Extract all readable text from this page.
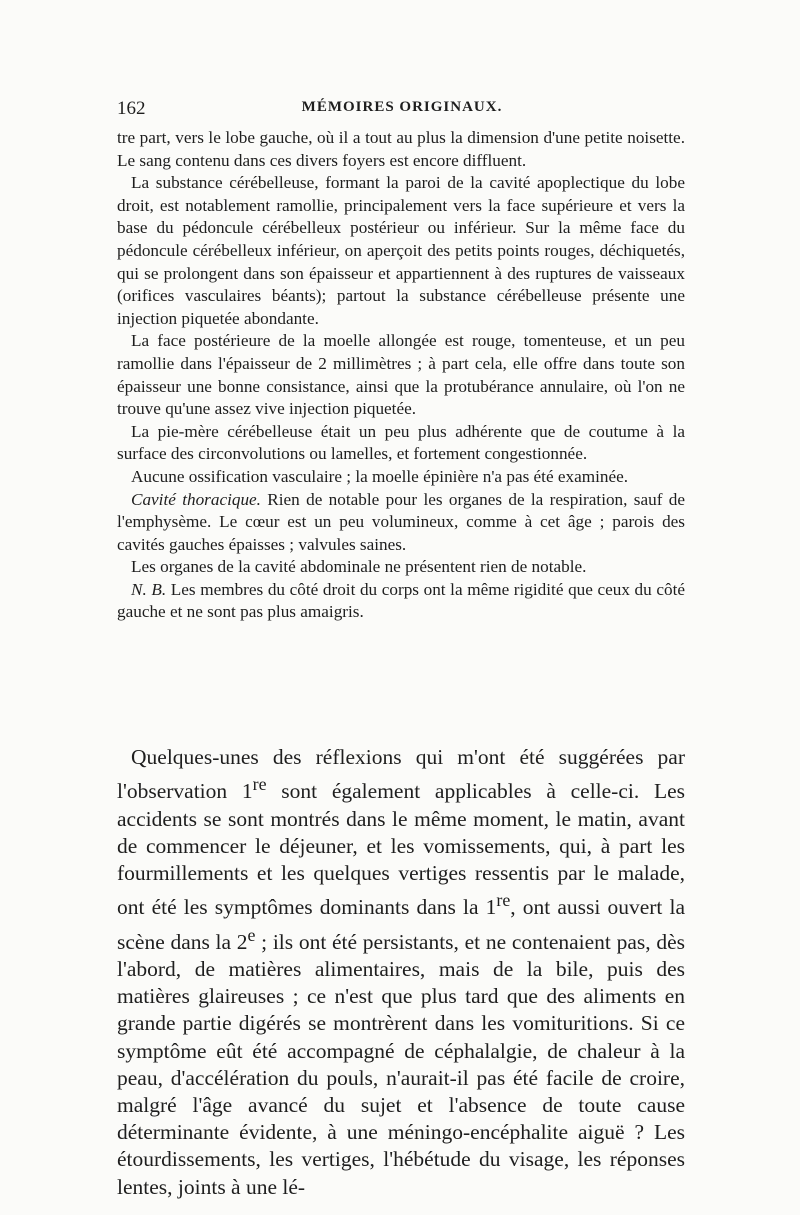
162	MÉMOIRES ORIGINAUX.

tre part, vers le lobe gauche, où il a tout au plus la dimension d'une petite noisette. Le sang contenu dans ces divers foyers est encore diffluent.

La substance cérébelleuse, formant la paroi de la cavité apoplectique du lobe droit, est notablement ramollie, principalement vers la face supérieure et vers la base du pédoncule cérébelleux postérieur ou inférieur. Sur la même face du pédoncule cérébelleux inférieur, on aperçoit des petits points rouges, déchiquetés, qui se prolongent dans son épaisseur et appartiennent à des ruptures de vaisseaux (orifices vasculaires béants); partout la substance cérébelleuse présente une injection piquetée abondante.

La face postérieure de la moelle allongée est rouge, tomenteuse, et un peu ramollie dans l'épaisseur de 2 millimètres ; à part cela, elle offre dans toute son épaisseur une bonne consistance, ainsi que la protubérance annulaire, où l'on ne trouve qu'une assez vive injection piquetée.

La pie-mère cérébelleuse était un peu plus adhérente que de coutume à la surface des circonvolutions ou lamelles, et fortement congestionnée.

Aucune ossification vasculaire ; la moelle épinière n'a pas été examinée.

Cavité thoracique. Rien de notable pour les organes de la respiration, sauf de l'emphysème. Le cœur est un peu volumineux, comme à cet âge ; parois des cavités gauches épaisses ; valvules saines.

Les organes de la cavité abdominale ne présentent rien de notable.

N. B. Les membres du côté droit du corps ont la même rigidité que ceux du côté gauche et ne sont pas plus amaigris.

Quelques-unes des réflexions qui m'ont été suggérées par l'observation 1re sont également applicables à celle-ci. Les accidents se sont montrés dans le même moment, le matin, avant de commencer le déjeuner, et les vomissements, qui, à part les fourmillements et les quelques vertiges ressentis par le malade, ont été les symptômes dominants dans la 1re, ont aussi ouvert la scène dans la 2e ; ils ont été persistants, et ne contenaient pas, dès l'abord, de matières alimentaires, mais de la bile, puis des matières glaireuses ; ce n'est que plus tard que des aliments en grande partie digérés se montrèrent dans les vomituritions. Si ce symptôme eût été accompagné de céphalalgie, de chaleur à la peau, d'accélération du pouls, n'aurait-il pas été facile de croire, malgré l'âge avancé du sujet et l'absence de toute cause déterminante évidente, à une méningo-encéphalite aiguë ? Les étourdissements, les vertiges, l'hébétude du visage, les réponses lentes, joints à une lé-
